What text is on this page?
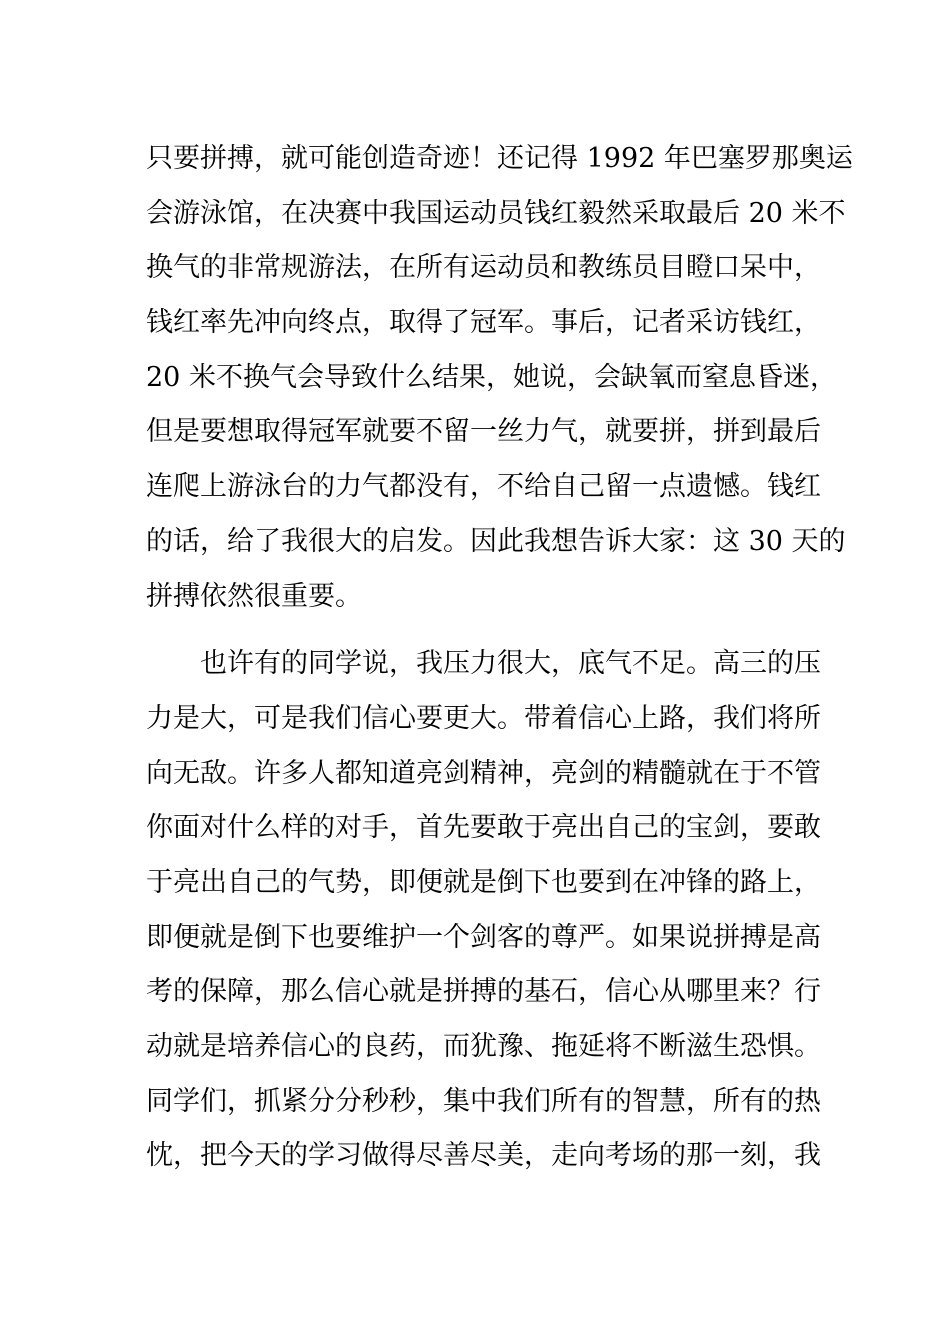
只要拼搏，就可能创造奇迹！还记得 1992 年巴塞罗那奥运
会游泳馆，在决赛中我国运动员钱红毅然采取最后 20 米不
换气的非常规游法，在所有运动员和教练员目瞪口呆中，
钱红率先冲向终点，取得了冠军。事后，记者采访钱红，
20 米不换气会导致什么结果，她说，会缺氧而窒息昏迷，
但是要想取得冠军就要不留一丝力气，就要拼，拼到最后
连爬上游泳台的力气都没有，不给自己留一点遗憾。钱红
的话，给了我很大的启发。因此我想告诉大家：这 30 天的
拼搏依然很重要。
也许有的同学说，我压力很大，底气不足。高三的压
力是大，可是我们信心要更大。带着信心上路，我们将所
向无敌。许多人都知道亮剑精神，亮剑的精髓就在于不管
你面对什么样的对手，首先要敢于亮出自己的宝剑，要敢
于亮出自己的气势，即便就是倒下也要到在冲锋的路上，
即便就是倒下也要维护一个剑客的尊严。如果说拼搏是高
考的保障，那么信心就是拼搏的基石，信心从哪里来？行
动就是培养信心的良药，而犹豫、拖延将不断滋生恐惧。
同学们，抓紧分分秒秒，集中我们所有的智慧，所有的热
忱，把今天的学习做得尽善尽美，走向考场的那一刻，我
